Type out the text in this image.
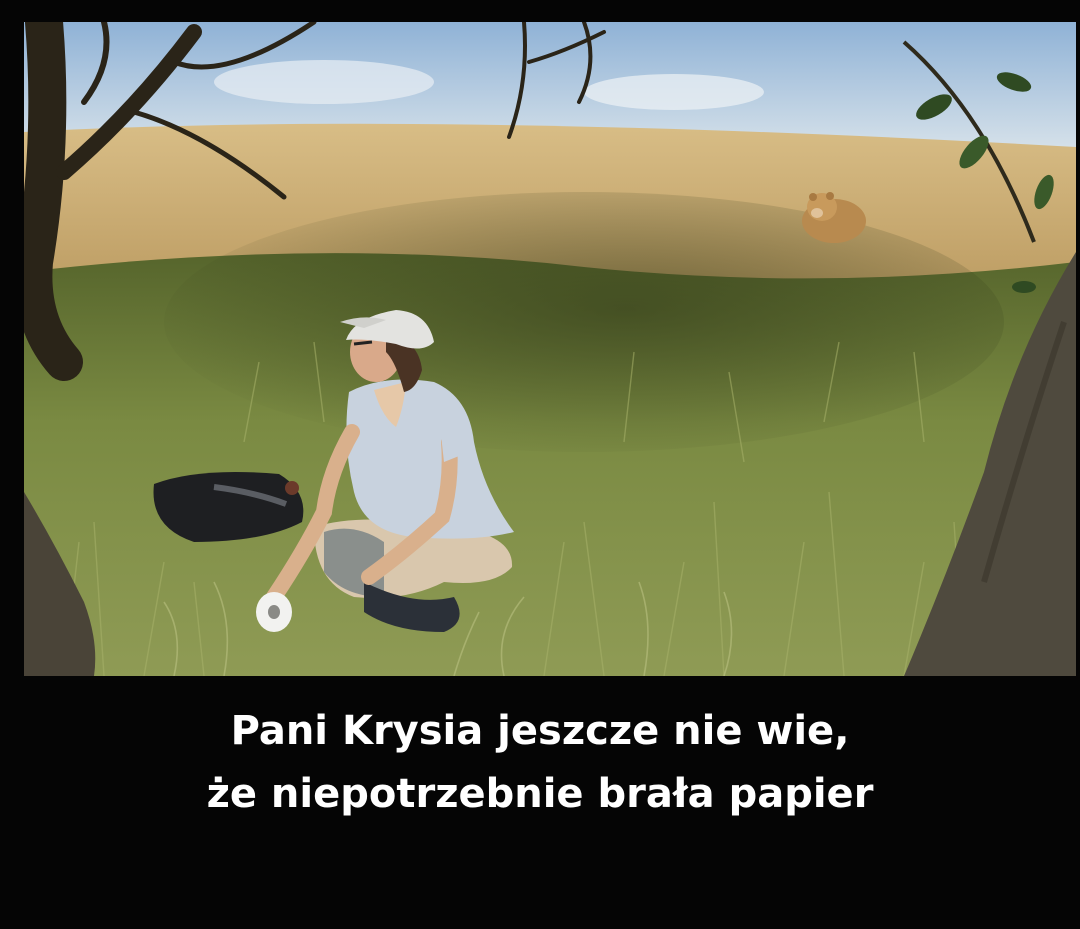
Pani Krysia jeszcze nie wie,
że niepotrzebnie brała papier
